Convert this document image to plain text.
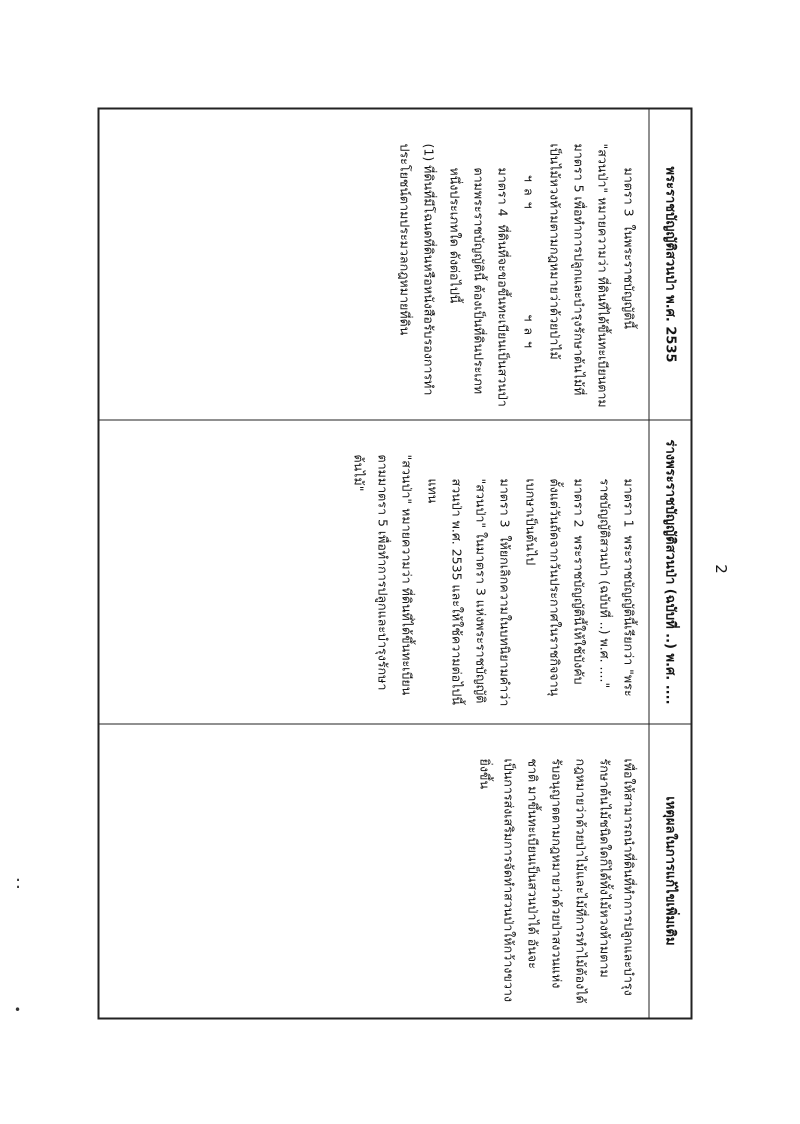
2
พระราชบัญญัติสวนป่า พ.ศ. 2535
ร่างพระราชบัญญัติสวนป่า (ฉบับที่ ..) พ.ศ. ....
เหตุผลในการแก้ไขเพิ่มเติม

มาตรา 3  ในพระราชบัญญัตินี้

"สวนป่า" หมายความว่า ที่ดินที่ได้ขึ้นทะเบียนตามมาตรา 5 เพื่อทำการปลูกและบำรุงรักษาต้นไม้ที่เป็นไม้หวงห้ามตามกฎหมายว่าด้วยป่าไม้

ฯลฯ          ฯลฯ

มาตรา 4  ที่ดินที่จะขอขึ้นทะเบียนเป็นสวนป่าตามพระราชบัญญัตินี้ ต้องเป็นที่ดินประเภทหนึ่งประเภทใด ดังต่อไปนี้

(1) ที่ดินที่มีโฉนดที่ดินหรือหนังสือรับรองการทำประโยชน์ตามประมวลกฎหมายที่ดิน

มาตรา 1  พระราชบัญญัตินี้เรียกว่า "พระราชบัญญัติสวนป่า (ฉบับที่ ..) พ.ศ. ...."

มาตรา 2  พระราชบัญญัตินี้ให้ใช้บังคับตั้งแต่วันถัดจากวันประกาศในราชกิจจานุเบกษาเป็นต้นไป

มาตรา 3  ให้ยกเลิกความในบทนิยามคำว่า "สวนป่า" ในมาตรา 3 แห่งพระราชบัญญัติสวนป่า พ.ศ. 2535 และให้ใช้ความต่อไปนี้แทน

"สวนป่า" หมายความว่า ที่ดินที่ได้ขึ้นทะเบียนตามมาตรา 5 เพื่อทำการปลูกและบำรุงรักษาต้นไม้"

เพื่อให้สามารถนำที่ดินที่ทำการปลูกและบำรุงรักษาต้นไม้ชนิดใดก็ได้ทั้งไม้หวงห้ามตามกฎหมายว่าด้วยป่าไม้และไม้ที่การทำไม้ต้องได้รับอนุญาตตามกฎหมายว่าด้วยป่าสงวนแห่งชาติ มาขึ้นทะเบียนเป็นสวนป่าได้ อันจะเป็นการส่งเสริมการจัดทำสวนป่าให้กว้างขวางยิ่งขึ้น

:
•
